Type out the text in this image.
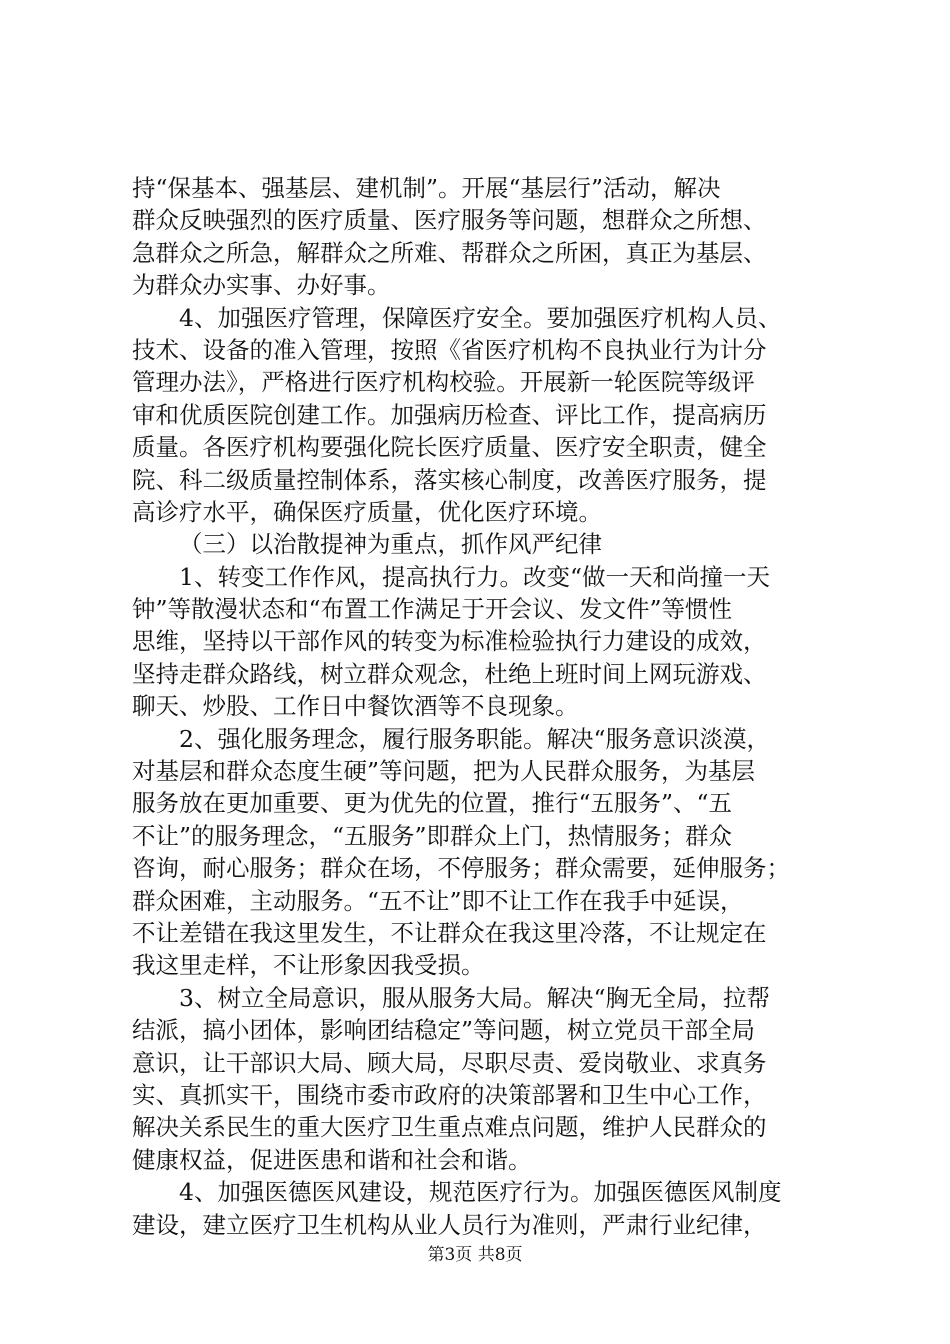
持“保基本、强基层、建机制”。开展“基层行”活动，解决
群众反映强烈的医疗质量、医疗服务等问题，想群众之所想、
急群众之所急，解群众之所难、帮群众之所困，真正为基层、
为群众办实事、办好事。
4、加强医疗管理，保障医疗安全。要加强医疗机构人员、
技术、设备的准入管理，按照《省医疗机构不良执业行为计分
管理办法》，严格进行医疗机构校验。开展新一轮医院等级评
审和优质医院创建工作。加强病历检查、评比工作，提高病历
质量。各医疗机构要强化院长医疗质量、医疗安全职责，健全
院、科二级质量控制体系，落实核心制度，改善医疗服务，提
高诊疗水平，确保医疗质量，优化医疗环境。
（三）以治散提神为重点，抓作风严纪律
1、转变工作作风，提高执行力。改变“做一天和尚撞一天
钟”等散漫状态和“布置工作满足于开会议、发文件”等惯性
思维，坚持以干部作风的转变为标准检验执行力建设的成效，
坚持走群众路线，树立群众观念，杜绝上班时间上网玩游戏、
聊天、炒股、工作日中餐饮酒等不良现象。
2、强化服务理念，履行服务职能。解决“服务意识淡漠，
对基层和群众态度生硬”等问题，把为人民群众服务，为基层
服务放在更加重要、更为优先的位置，推行“五服务”、“五
不让”的服务理念，“五服务”即群众上门，热情服务；群众
咨询，耐心服务；群众在场，不停服务；群众需要，延伸服务；
群众困难，主动服务。“五不让”即不让工作在我手中延误，
不让差错在我这里发生，不让群众在我这里冷落，不让规定在
我这里走样，不让形象因我受损。
3、树立全局意识，服从服务大局。解决“胸无全局，拉帮
结派，搞小团体，影响团结稳定”等问题，树立党员干部全局
意识，让干部识大局、顾大局，尽职尽责、爱岗敬业、求真务
实、真抓实干，围绕市委市政府的决策部署和卫生中心工作，
解决关系民生的重大医疗卫生重点难点问题，维护人民群众的
健康权益，促进医患和谐和社会和谐。
4、加强医德医风建设，规范医疗行为。加强医德医风制度
建设，建立医疗卫生机构从业人员行为准则，严肃行业纪律，
第3页 共8页
